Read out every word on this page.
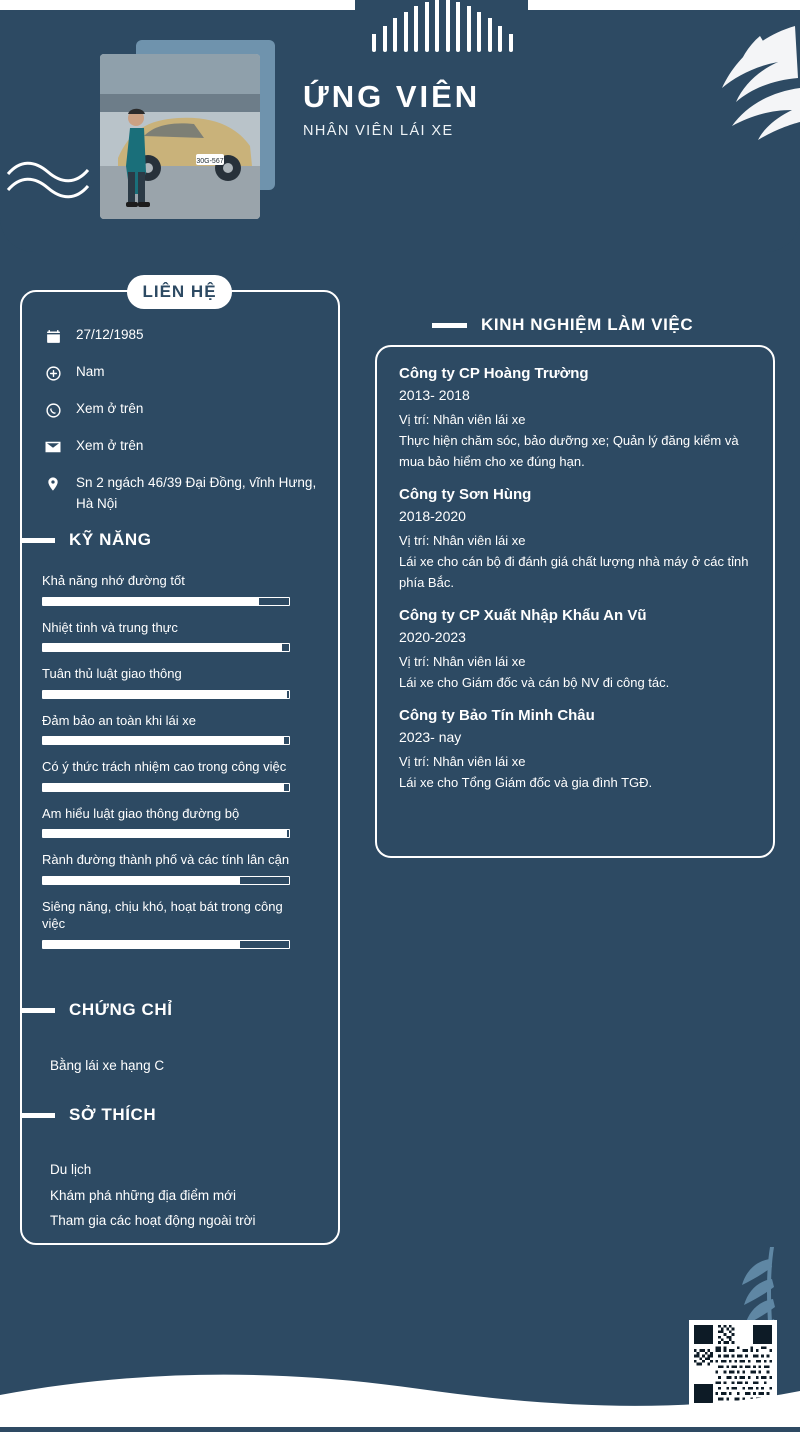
30G-567
ỨNG VIÊN
NHÂN VIÊN LÁI XE
LIÊN HỆ
27/12/1985
Nam
Xem ở trên
Xem ở trên
Sn 2 ngách 46/39 Đại Đồng, vĩnh Hưng, Hà Nội
KỸ NĂNG
Khả năng nhớ đường tốt
Nhiệt tình và trung thực
Tuân thủ luật giao thông
Đảm bảo an toàn khi lái xe
Có ý thức trách nhiệm cao trong công việc
Am hiểu luật giao thông đường bộ
Rành đường thành phố và các tính lân cận
Siêng năng, chịu khó, hoạt bát trong công việc
CHỨNG CHỈ
Bằng lái xe hạng C
SỞ THÍCH
Du lịch
Khám phá những địa điểm mới
Tham gia các hoạt động ngoài trời
KINH NGHIỆM LÀM VIỆC
Công ty CP Hoàng Trường
2013- 2018
Vị trí: Nhân viên lái xe
Thực hiện chăm sóc, bảo dưỡng xe; Quản lý đăng kiểm và mua bảo hiểm cho xe đúng hạn.
Công ty Sơn Hùng
2018-2020
Vị trí: Nhân viên lái xe
Lái xe cho cán bộ đi đánh giá chất lượng nhà máy ở các tỉnh phía Bắc.
Công ty CP Xuất Nhập Khẩu An Vũ
2020-2023
Vị trí: Nhân viên lái xe
Lái xe cho Giám đốc và cán bộ NV đi công tác.
Công ty Bảo Tín Minh Châu
2023- nay
Vị trí: Nhân viên lái xe
Lái xe cho Tổng Giám đốc và gia đình TGĐ.
